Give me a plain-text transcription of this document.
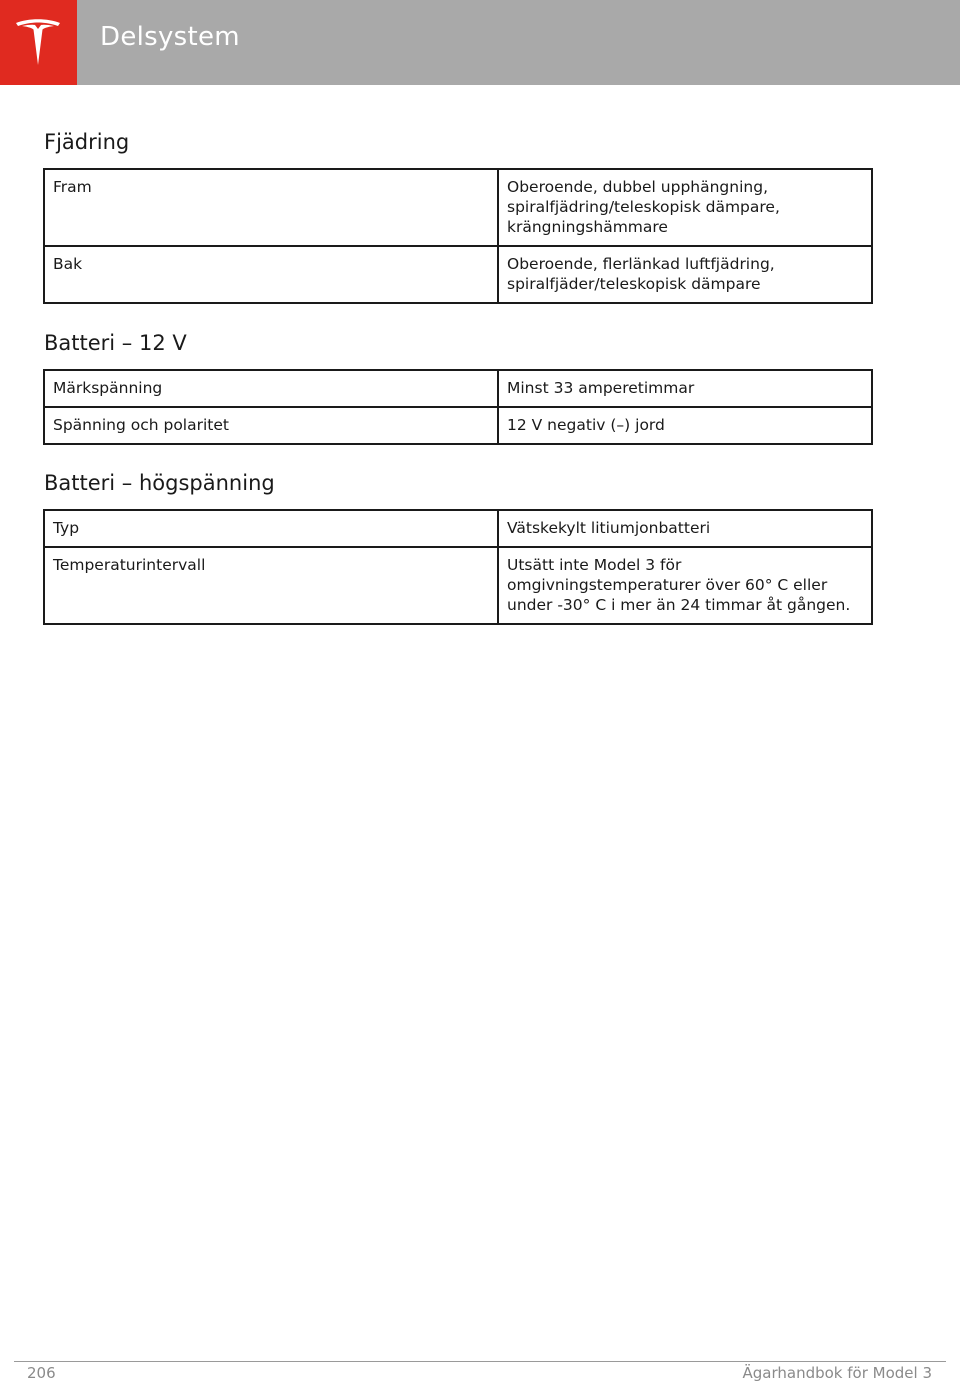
Delsystem
Fjädring
Fram	Oberoende, dubbel upphängning, spiralfjädring/teleskopisk dämpare, krängningshämmare
Bak	Oberoende, flerlänkad luftfjädring, spiralfjäder/teleskopisk dämpare
Batteri – 12 V
Märkspänning	Minst 33 amperetimmar
Spänning och polaritet	12 V negativ (–) jord
Batteri – högspänning
Typ	Vätskekylt litiumjonbatteri
Temperaturintervall	Utsätt inte Model 3 för omgivningstemperaturer över 60° C eller under -30° C i mer än 24 timmar åt gången.
206	Ägarhandbok för Model 3
